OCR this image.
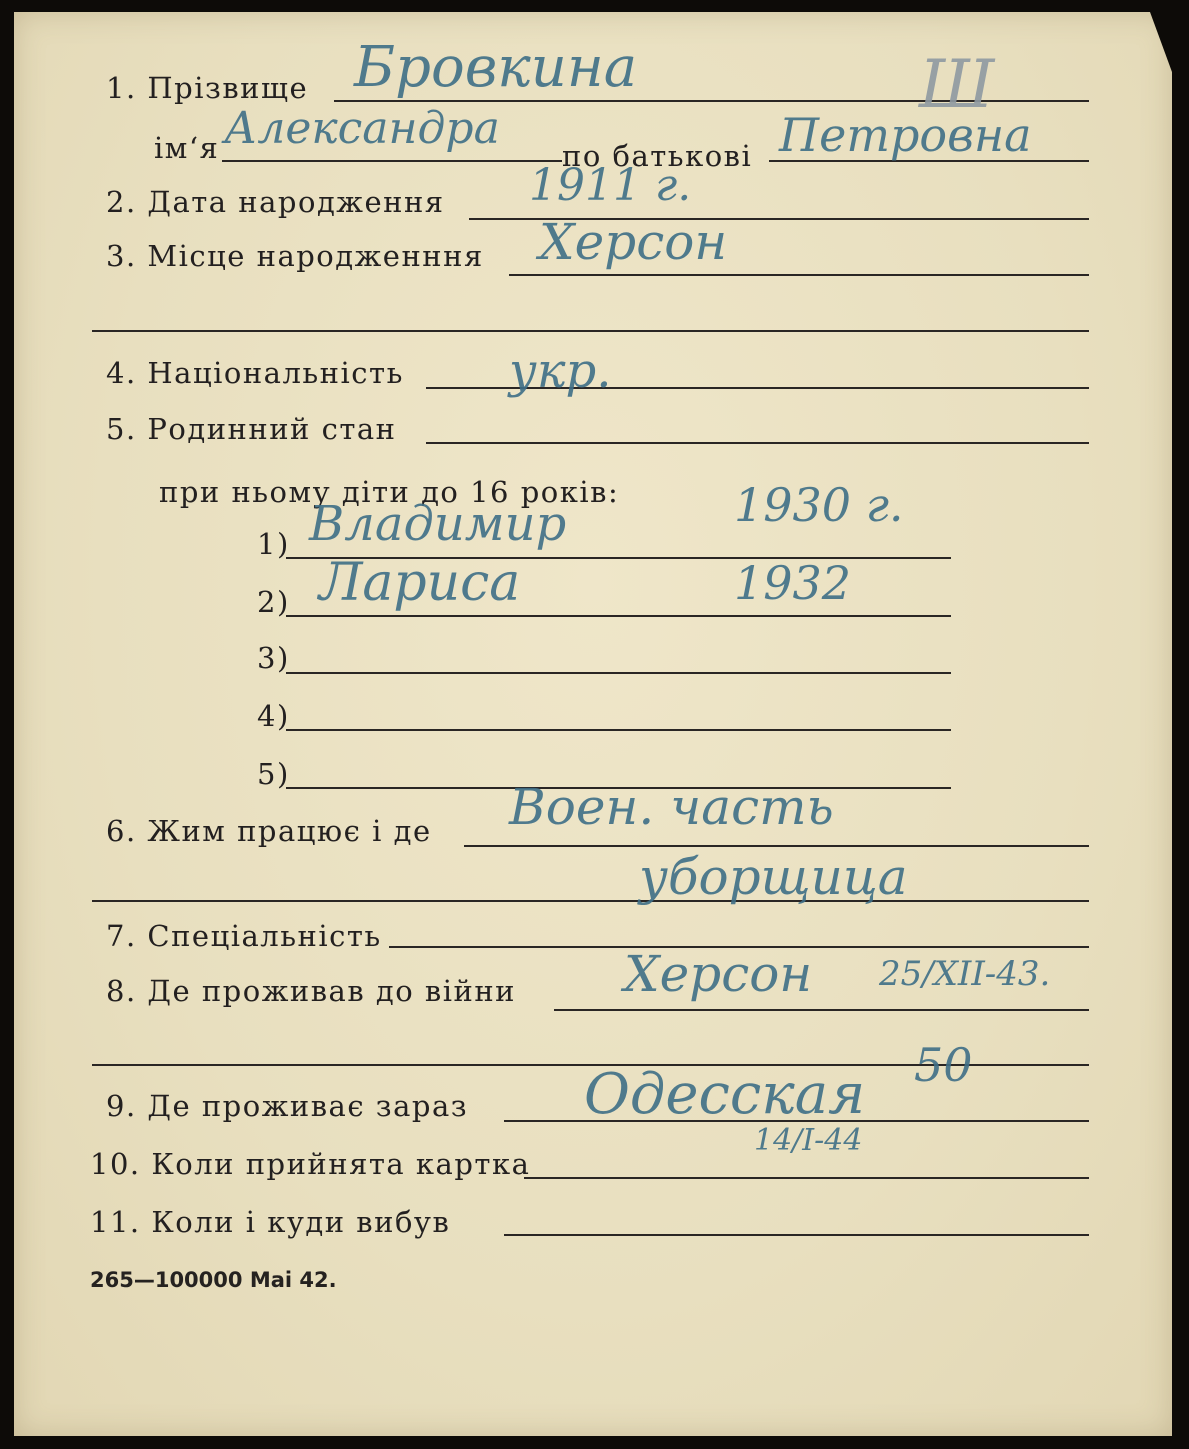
1. Прізвище Бровкина	Ш
ім‘я Александра
по батькові Петровна
2. Дата народження 1911 г.
3. Місце народженння Херсон
4. Національність укр.
5. Родинний стан
при ньому діти до 16 років:
1) Владимир	1930 г.
2) Лариса	1932
3)
4)
5)
6. Жим працює і де Воен. часть
уборщица
7. Спеціальність
8. Де проживав до війни Херсон 25/XII-43.
9. Де проживає зараз Одесская 50
10. Коли прийнята картка
14/I-44
11. Коли і куди вибув
265—100000 Mai 42.
